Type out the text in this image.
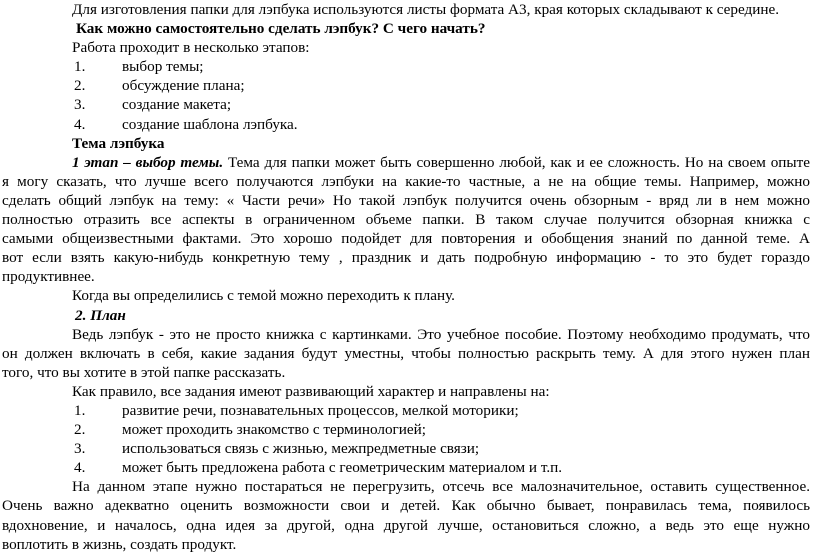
Для изготовления папки для лэпбука используются листы формата А3, края которых складывают к середине.
Как можно самостоятельно сделать лэпбук? С чего начать?
Работа проходит в несколько этапов:
1.	выбор темы;
2.	обсуждение плана;
3.	создание макета;
4.	создание шаблона лэпбука.
Тема лэпбука
1 этап – выбор темы. Тема для папки может быть совершенно любой, как и ее сложность. Но на своем опыте
я могу сказать, что лучше всего получаются лэпбуки на какие-то частные, а не на общие темы. Например, можно
сделать общий лэпбук на тему: « Части речи» Но такой лэпбук получится очень обзорным - вряд ли в нем можно
полностью отразить все аспекты в ограниченном объеме папки. В таком случае получится обзорная книжка с
самыми общеизвестными фактами. Это хорошо подойдет для повторения и обобщения знаний по данной теме. А
вот если взять какую-нибудь конкретную тему , праздник и дать подробную информацию - то это будет гораздо
продуктивнее.
Когда вы определились с темой можно переходить к плану.
2. План
Ведь лэпбук - это не просто книжка с картинками. Это учебное пособие. Поэтому необходимо продумать, что
он должен включать в себя, какие задания будут уместны, чтобы полностью раскрыть тему. А для этого нужен план
того, что вы хотите в этой папке рассказать.
Как правило, все задания имеют развивающий характер и направлены на:
1.	развитие речи, познавательных процессов, мелкой моторики;
2.	может проходить знакомство с терминологией;
3.	использоваться связь с жизнью, межпредметные связи;
4.	может быть предложена работа с геометрическим материалом и т.п.
На данном этапе нужно постараться не перегрузить, отсечь все малозначительное, оставить существенное.
Очень важно адекватно оценить возможности свои и детей. Как обычно бывает, понравилась тема, появилось
вдохновение, и началось, одна идея за другой, одна другой лучше, остановиться сложно, а ведь это еще нужно
воплотить в жизнь, создать продукт.
